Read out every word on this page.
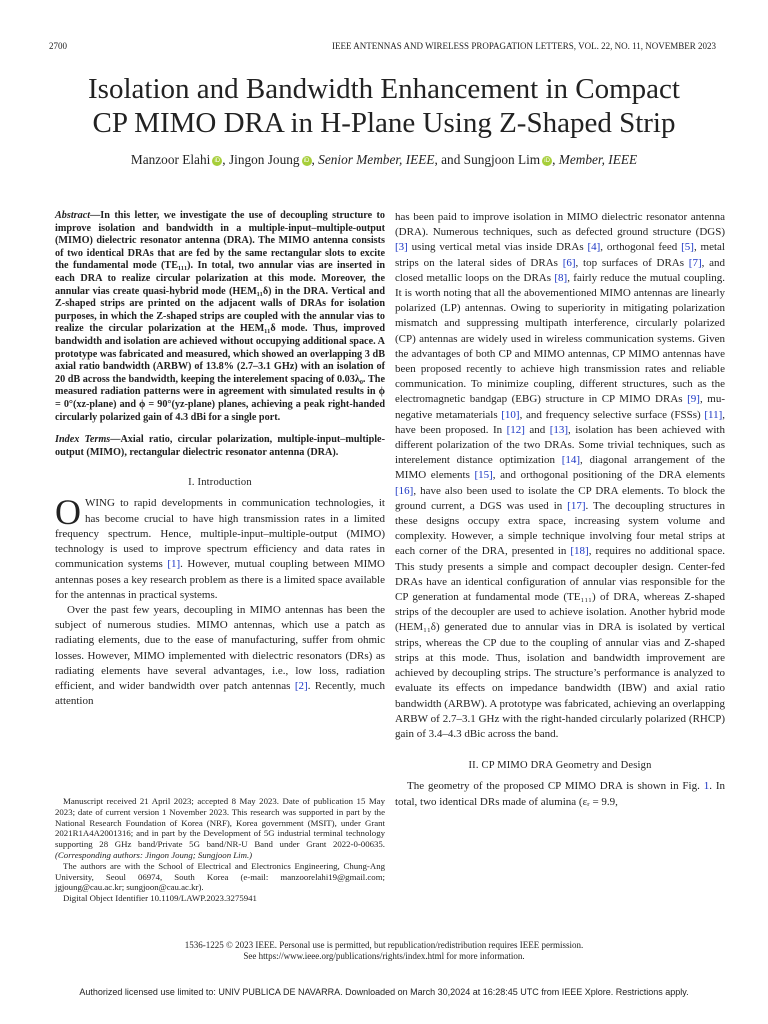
2700	IEEE ANTENNAS AND WIRELESS PROPAGATION LETTERS, VOL. 22, NO. 11, NOVEMBER 2023
Isolation and Bandwidth Enhancement in Compact
CP MIMO DRA in H-Plane Using Z-Shaped Strip
Manzoor Elahi iD , Jingon Joung iD , Senior Member, IEEE, and Sungjoon Lim iD , Member, IEEE

Abstract—In this letter, we investigate the use of decoupling structure to improve isolation and bandwidth in a multiple-input–multiple-output (MIMO) dielectric resonator antenna (DRA). The MIMO antenna consists of two identical DRAs that are fed by the same rectangular slots to excite the fundamental mode (TE₁₁₁). In total, two annular vias are inserted in each DRA to realize circular polarization at this mode. Moreover, the annular vias create quasi-hybrid mode (HEM₁₁δ) in the DRA. Vertical and Z-shaped strips are printed on the adjacent walls of DRAs for isolation purposes, in which the Z-shaped strips are coupled with the annular vias to realize the circular polarization at the HEM₁₁δ mode. Thus, improved bandwidth and isolation are achieved without occupying additional space. A prototype was fabricated and measured, which showed an overlapping 3 dB axial ratio bandwidth (ARBW) of 13.8% (2.7–3.1 GHz) with an isolation of 20 dB across the bandwidth, keeping the interelement spacing of 0.03λ₀. The measured radiation patterns were in agreement with simulated results in ϕ = 0°(xz-plane) and ϕ = 90°(yz-plane) planes, achieving a peak right-handed circularly polarized gain of 4.3 dBi for a single port.

Index Terms—Axial ratio, circular polarization, multiple-input–multiple-output (MIMO), rectangular dielectric resonator antenna (DRA).

I. Introduction

OWING to rapid developments in communication technologies, it has become crucial to have high transmission rates in a limited frequency spectrum. Hence, multiple-input–multiple-output (MIMO) technology is used to improve spectrum efficiency and data rates in communication systems [1]. However, mutual coupling between MIMO antennas poses a key research problem as there is a limited space available for the antennas in practical systems.

Over the past few years, decoupling in MIMO antennas has been the subject of numerous studies. MIMO antennas, which use a patch as radiating elements, due to the ease of manufacturing, suffer from ohmic losses. However, MIMO implemented with dielectric resonators (DRs) as radiating elements have several advantages, i.e., low loss, radiation efficient, and wider bandwidth over patch antennas [2]. Recently, much attention

Manuscript received 21 April 2023; accepted 8 May 2023. Date of publication 15 May 2023; date of current version 1 November 2023. This research was supported in part by the National Research Foundation of Korea (NRF), Korea government (MSIT), under Grant 2021R1A4A2001316; and in part by the Development of 5G industrial terminal technology supporting 28 GHz band/Private 5G band/NR-U Band under Grant 2022-0-00635. (Corresponding authors: Jingon Joung; Sungjoon Lim.)

The authors are with the School of Electrical and Electronics Engineering, Chung-Ang University, Seoul 06974, South Korea (e-mail: manzoorelahi19@gmail.com; jgjoung@cau.ac.kr; sungjoon@cau.ac.kr).

Digital Object Identifier 10.1109/LAWP.2023.3275941

has been paid to improve isolation in MIMO dielectric resonator antenna (DRA). Numerous techniques, such as defected ground structure (DGS) [3] using vertical metal vias inside DRAs [4], orthogonal feed [5], metal strips on the lateral sides of DRAs [6], top surfaces of DRAs [7], and closed metallic loops on the DRAs [8], fairly reduce the mutual coupling. It is worth noting that all the abovementioned MIMO antennas are linearly polarized (LP) antennas. Owing to superiority in mitigating polarization mismatch and suppressing multipath interference, circularly polarized (CP) antennas are widely used in wireless communication systems. Given the advantages of both CP and MIMO antennas, CP MIMO antennas have been proposed recently to achieve high transmission rates and reliable communication. To minimize coupling, different structures, such as the electromagnetic bandgap (EBG) structure in CP MIMO DRAs [9], mu-negative metamaterials [10], and frequency selective surface (FSSs) [11], have been proposed. In [12] and [13], isolation has been achieved with different polarization of the two DRAs. Some trivial techniques, such as interelement distance optimization [14], diagonal arrangement of the MIMO elements [15], and orthogonal positioning of the DRA elements [16], have also been used to isolate the CP DRA elements. To block the ground current, a DGS was used in [17]. The decoupling structures in these designs occupy extra space, increasing system volume and complexity. However, a simple technique involving four metal strips at each corner of the DRA, presented in [18], requires no additional space. This study presents a simple and compact decoupler design. Center-fed DRAs have an identical configuration of annular vias responsible for the CP generation at fundamental mode (TE₁₁₁) of DRA, whereas Z-shaped strips of the decoupler are used to achieve isolation. Another hybrid mode (HEM₁₁δ) generated due to annular vias in DRA is isolated by vertical strips, whereas the CP due to the coupling of annular vias and Z-shaped strips at this mode. Thus, isolation and bandwidth improvement are achieved by decoupling strips. The structure’s performance is analyzed to evaluate its effects on impedance bandwidth (IBW) and axial ratio bandwidth (ARBW). A prototype was fabricated, achieving an overlapping ARBW of 2.7–3.1 GHz with the right-handed circularly polarized (RHCP) gain of 3.4–4.3 dBic across the band.

II. CP MIMO DRA Geometry and Design

The geometry of the proposed CP MIMO DRA is shown in Fig. 1. In total, two identical DRs made of alumina (εᵣ = 9.9,

1536-1225 © 2023 IEEE. Personal use is permitted, but republication/redistribution requires IEEE permission.
See https://www.ieee.org/publications/rights/index.html for more information.
Authorized licensed use limited to: UNIV PUBLICA DE NAVARRA. Downloaded on March 30,2024 at 16:28:45 UTC from IEEE Xplore. Restrictions apply.
